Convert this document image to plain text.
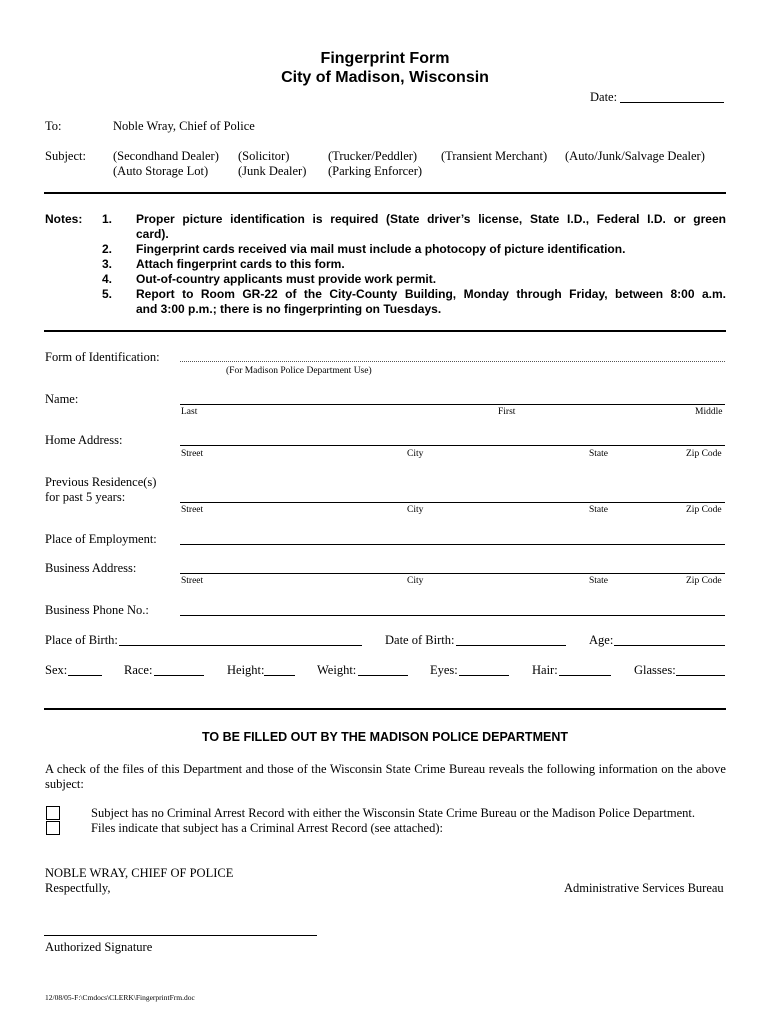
Fingerprint Form
City of Madison, Wisconsin
Date:
To:	Noble Wray, Chief of Police
Subject: (Secondhand Dealer)
(Auto Storage Lot)
(Solicitor)
(Junk Dealer)
(Trucker/Peddler)
(Parking Enforcer)
(Transient Merchant) (Auto/Junk/Salvage Dealer)
Notes: 1. Proper picture identification is required (State driver’s license, State I.D., Federal I.D. or green
card).
2. Fingerprint cards received via mail must include a photocopy of picture identification.
3. Attach fingerprint cards to this form.
4. Out-of-country applicants must provide work permit.
5. Report to Room GR-22 of the City-County Building, Monday through Friday, between 8:00 a.m.
and 3:00 p.m.; there is no fingerprinting on Tuesdays.
Form of Identification:
(For Madison Police Department Use)
Name:
Last	First	Middle
Home Address:
Street	City	State	Zip Code
Previous Residence(s)
for past 5 years:
Street	City	State	Zip Code
Place of Employment:
Business Address:
Street	City	State	Zip Code
Business Phone No.:
Place of Birth:	Date of Birth:	Age:
Sex:	Race:	Height:	Weight:	Eyes:	Hair:	Glasses:
TO BE FILLED OUT BY THE MADISON POLICE DEPARTMENT
A check of the files of this Department and those of the Wisconsin State Crime Bureau reveals the following information on the above
subject:
Subject has no Criminal Arrest Record with either the Wisconsin State Crime Bureau or the Madison Police Department.
Files indicate that subject has a Criminal Arrest Record (see attached):
NOBLE WRAY, CHIEF OF POLICE
Respectfully,	Administrative Services Bureau
Authorized Signature
12/08/05-F:\Cmdocs\CLERK\FingerprintFrm.doc
